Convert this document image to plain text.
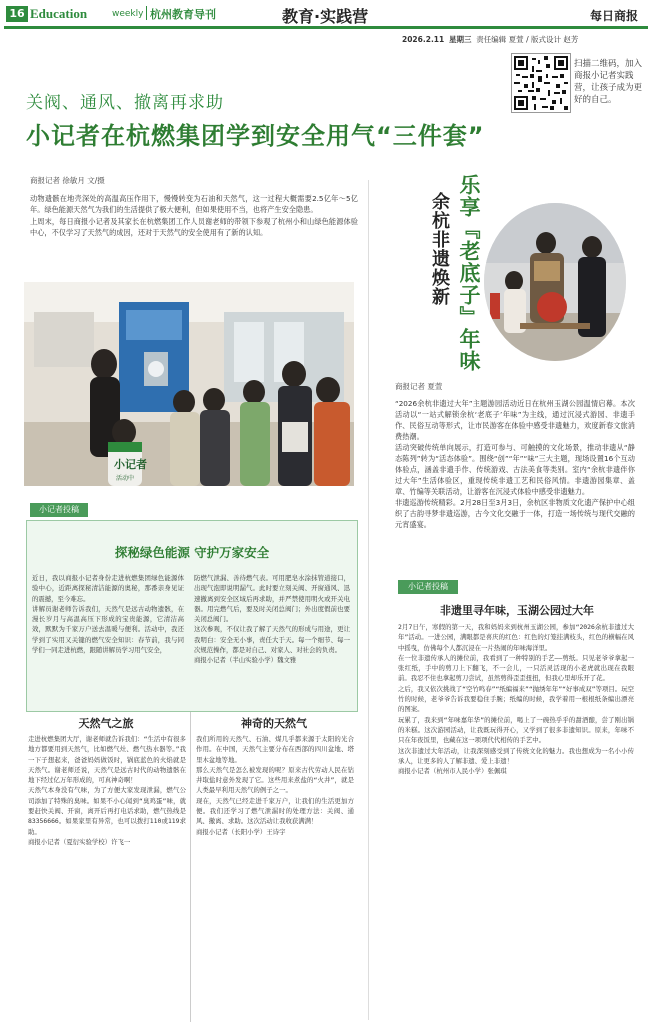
16 Education	weekly 杭州教育导刊	教育·实践营	每日商报
2026.2.11 星期三 责任编辑 夏萱 / 版式设计 赵芳
扫描二维码，加入商报小记者实践营，让孩子成为更好的自己。
关阀、通风、撤离再求助
小记者在杭燃集团学到安全用气“三件套”
商报记者 徐敏月 文/摄
动物遗骸在地壳深处的高温高压作用下，慢慢转变为石油和天然气，这一过程大概需要2.5亿年～5亿年。绿色能源天然气为我们的生活提供了极大便利，但如果使用不当，也将产生安全隐患。
上周末，每日商报小记者及其家长在杭燃集团工作人员谢老师的带领下参观了杭州小和山绿色能源体验中心，不仅学习了天然气的成因，还对于天然气的安全使用有了新的认知。
小记者
活动中
小记者投稿
探秘绿色能源 守护万家安全
近日，我以商报小记者身份走进杭燃集团绿色能源体验中心，近距离探秘清洁能源的奥秘，那番亲身见证的震撼，至今难忘。
讲解员谢老师告诉我们，天然气是远古动物遗骸，在漫长岁月与高温高压下形成的宝贵能源，它清洁高效，默默为千家万户送去温暖与便利。活动中，我还学到了实用又关键的燃气安全知识：春节前，我与同学们一同走进杭燃，跟随讲解员学习用气安全，
防燃气泄漏、善待燃气表。可用肥皂水涂抹管道接口，出现气泡即说明漏气。此时要立刻关阀、开窗通风、迅速撤离到安全区域后再求助，并严禁使用明火或开关电器。用完燃气后，要及时关闭总阀门；外出度假前也要关闭总阀门。
这次参观，不仅让我了解了天然气的形成与用途，更让我明白：安全无小事，责任大于天。每一个细节、每一次规范操作，都是对自己、对家人、对社会的负责。
商报小记者（半山实验小学）魏文雅
天然气之旅	神奇的天然气
走进杭燃集团大厅，谢老师就告诉我们：“生活中有很多地方都要用到天然气，比如燃气灶、燃气热水器等。”我一下子想起来，爸爸妈妈做饭时，锅底蓝色的火焰就是天然气。谢老师还说，天然气是远古时代的动物遗骸在地下经过亿万年形成的，可真神奇啊！
天然气本身没有气味，为了方便大家发现泄漏，燃气公司添加了特殊的臭味。如果不小心闻到“臭鸡蛋”味，就要赶快关阀、开窗，离开后再打电话求助，燃气热线是83356666。如果家里有异常，也可以拨打110或119求助。
商报小记者（夏衍实验学校）许飞一
我们所用的天然气、石油、煤几乎都来源于太阳的光合作用。在中国，天然气主要分布在西部的四川盆地、塔里木盆地等地。
那么天然气是怎么被发现的呢？原来古代劳动人民在钻井取盐时意外发现了它。这些用来煮盐的“火井”，就是人类最早利用天然气的例子之一。
现在，天然气已经走进千家万户，让我们的生活更加方便。我们还学习了燃气泄漏时的处理方法：关阀、通风、撤离、求助。这次活动让我收获满满！
商报小记者（长阳小学）王诗宇
乐享『老底子』年味
余杭非遗焕新
商报记者 夏萱
“2026余杭非遗过大年”主题游园活动近日在杭州玉湖公园温情启幕。本次活动以“一站式解锁余杭‘老底子’年味”为主线，通过沉浸式游园、非遗手作、民俗互动等形式，让市民游客在体验中感受非遗魅力，欢度新春文旅消费热潮。
活动突破传统单向展示，打造可参与、可触摸的文化场景，推动非遗从“静态陈列”转为“活态体验”。围绕“创”“年”“味”三大主题，现场设置16个互动体验点，涵盖非遗手作、传统游戏、古法美食等类别。室内“余杭非遗伴你过大年”生活体验区，重现传统非遗工艺和民俗风情。非遗游园集章、盖章、竹编等关联活动，让游客在沉浸式体验中感受非遗魅力。
非遗巡游传统精彩。2月28日至3月3日，余杭区非物质文化遗产保护中心组织了古韵寻梦非遗巡游，古今文化交融于一体，打造一场传统与现代交融的元宵盛宴。
小记者投稿
非遗里寻年味，玉湖公园过大年
2月7日午，寒假的第一天，我和妈妈来到杭州玉湖公园，参加“2026余杭非遗过大年”活动。一进公园，满眼都是喜庆的红色：红色的灯笼挂满枝头，红色的横幅在风中摇曳，仿佛每个人都沉浸在一片热闹的年味海洋里。
在一位非遗传承人的摊位前，我看到了一种特别的手艺——剪纸。只见老爷爷拿起一张红纸，手中的剪刀上下翻飞，不一会儿，一只活灵活现的小老虎就出现在我眼前。我忍不住也拿起剪刀尝试，虽然剪得歪歪扭扭，但我心里却乐开了花。
之后，我又依次挑战了“空竹鸣春”“纸编福来”“抛绣年年”“好事成双”等项目。玩空竹的时候，老爷爷告诉我要稳住手腕；纸编的时候，我学着用一根根纸条编出漂亮的图案。
玩累了，我来到“年味嘉年华”的摊位前，喝上了一碗热乎乎的甜酒酿，尝了刚出锅的米糕。这次游园活动，让我既玩得开心，又学到了很多非遗知识。原来，年味不只在年夜饭里，也藏在这一项项代代相传的手艺中。
这次非遗过大年活动，让我深刻感受到了传统文化的魅力。我也想成为一名小小传承人，让更多的人了解非遗、爱上非遗！
商报小记者（杭州市人民小学）张佩琪
